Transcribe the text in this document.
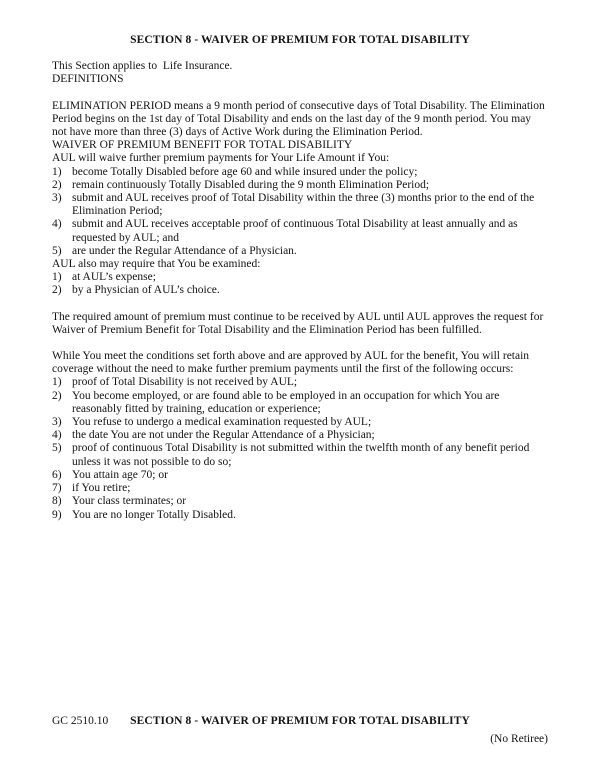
SECTION 8 - WAIVER OF PREMIUM FOR TOTAL DISABILITY

This Section applies to  Life Insurance.

DEFINITIONS

ELIMINATION PERIOD means a 9 month period of consecutive days of Total Disability. The Elimination Period begins on the 1st day of Total Disability and ends on the last day of the 9 month period. You may not have more than three (3) days of Active Work during the Elimination Period.

WAIVER OF PREMIUM BENEFIT FOR TOTAL DISABILITY

AUL will waive further premium payments for Your Life Amount if You:

1) become Totally Disabled before age 60 and while insured under the policy;
2) remain continuously Totally Disabled during the 9 month Elimination Period;
3) submit and AUL receives proof of Total Disability within the three (3) months prior to the end of the Elimination Period;
4) submit and AUL receives acceptable proof of continuous Total Disability at least annually and as requested by AUL; and
5) are under the Regular Attendance of a Physician.

AUL also may require that You be examined:

1) at AUL’s expense;
2) by a Physician of AUL’s choice.

The required amount of premium must continue to be received by AUL until AUL approves the request for Waiver of Premium Benefit for Total Disability and the Elimination Period has been fulfilled.

While You meet the conditions set forth above and are approved by AUL for the benefit, You will retain coverage without the need to make further premium payments until the first of the following occurs:

1) proof of Total Disability is not received by AUL;
2) You become employed, or are found able to be employed in an occupation for which You are reasonably fitted by training, education or experience;
3) You refuse to undergo a medical examination requested by AUL;
4) the date You are not under the Regular Attendance of a Physician;
5) proof of continuous Total Disability is not submitted within the twelfth month of any benefit period unless it was not possible to do so;
6) You attain age 70; or
7) if You retire;
8) Your class terminates; or
9) You are no longer Totally Disabled.
GC 2510.10 SECTION 8 - WAIVER OF PREMIUM FOR TOTAL DISABILITY
(No Retiree)
